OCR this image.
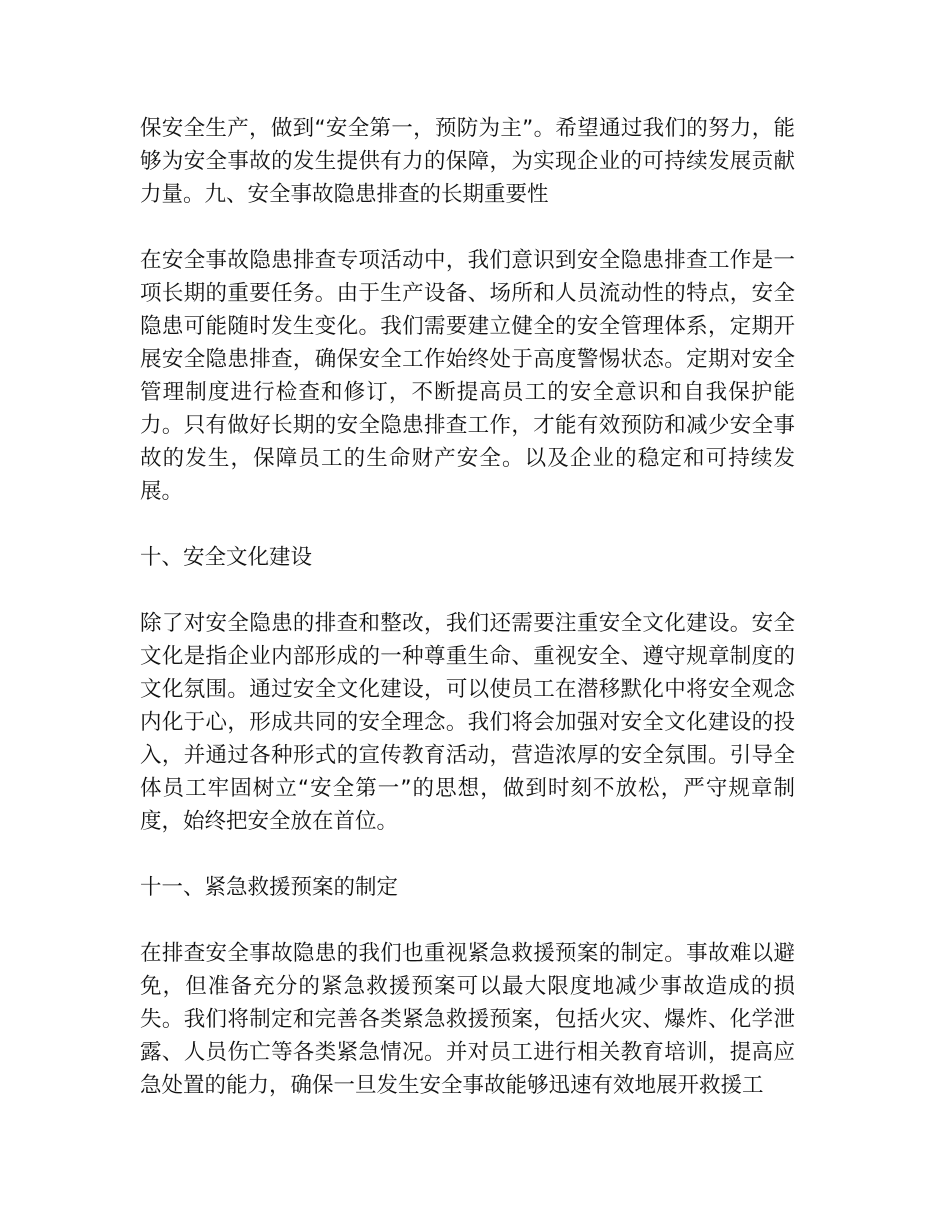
保安全生产，做到“安全第一，预防为主”。希望通过我们的努力，能够为安全事故的发生提供有力的保障，为实现企业的可持续发展贡献力量。九、安全事故隐患排查的长期重要性

在安全事故隐患排查专项活动中，我们意识到安全隐患排查工作是一项长期的重要任务。由于生产设备、场所和人员流动性的特点，安全隐患可能随时发生变化。我们需要建立健全的安全管理体系，定期开展安全隐患排查，确保安全工作始终处于高度警惕状态。定期对安全管理制度进行检查和修订，不断提高员工的安全意识和自我保护能力。只有做好长期的安全隐患排查工作，才能有效预防和减少安全事故的发生，保障员工的生命财产安全。以及企业的稳定和可持续发展。

十、安全文化建设

除了对安全隐患的排查和整改，我们还需要注重安全文化建设。安全文化是指企业内部形成的一种尊重生命、重视安全、遵守规章制度的文化氛围。通过安全文化建设，可以使员工在潜移默化中将安全观念内化于心，形成共同的安全理念。我们将会加强对安全文化建设的投入，并通过各种形式的宣传教育活动，营造浓厚的安全氛围。引导全体员工牢固树立“安全第一”的思想，做到时刻不放松，严守规章制度，始终把安全放在首位。

十一、紧急救援预案的制定

在排查安全事故隐患的我们也重视紧急救援预案的制定。事故难以避免，但准备充分的紧急救援预案可以最大限度地减少事故造成的损失。我们将制定和完善各类紧急救援预案，包括火灾、爆炸、化学泄露、人员伤亡等各类紧急情况。并对员工进行相关教育培训，提高应急处置的能力，确保一旦发生安全事故能够迅速有效地展开救援工
